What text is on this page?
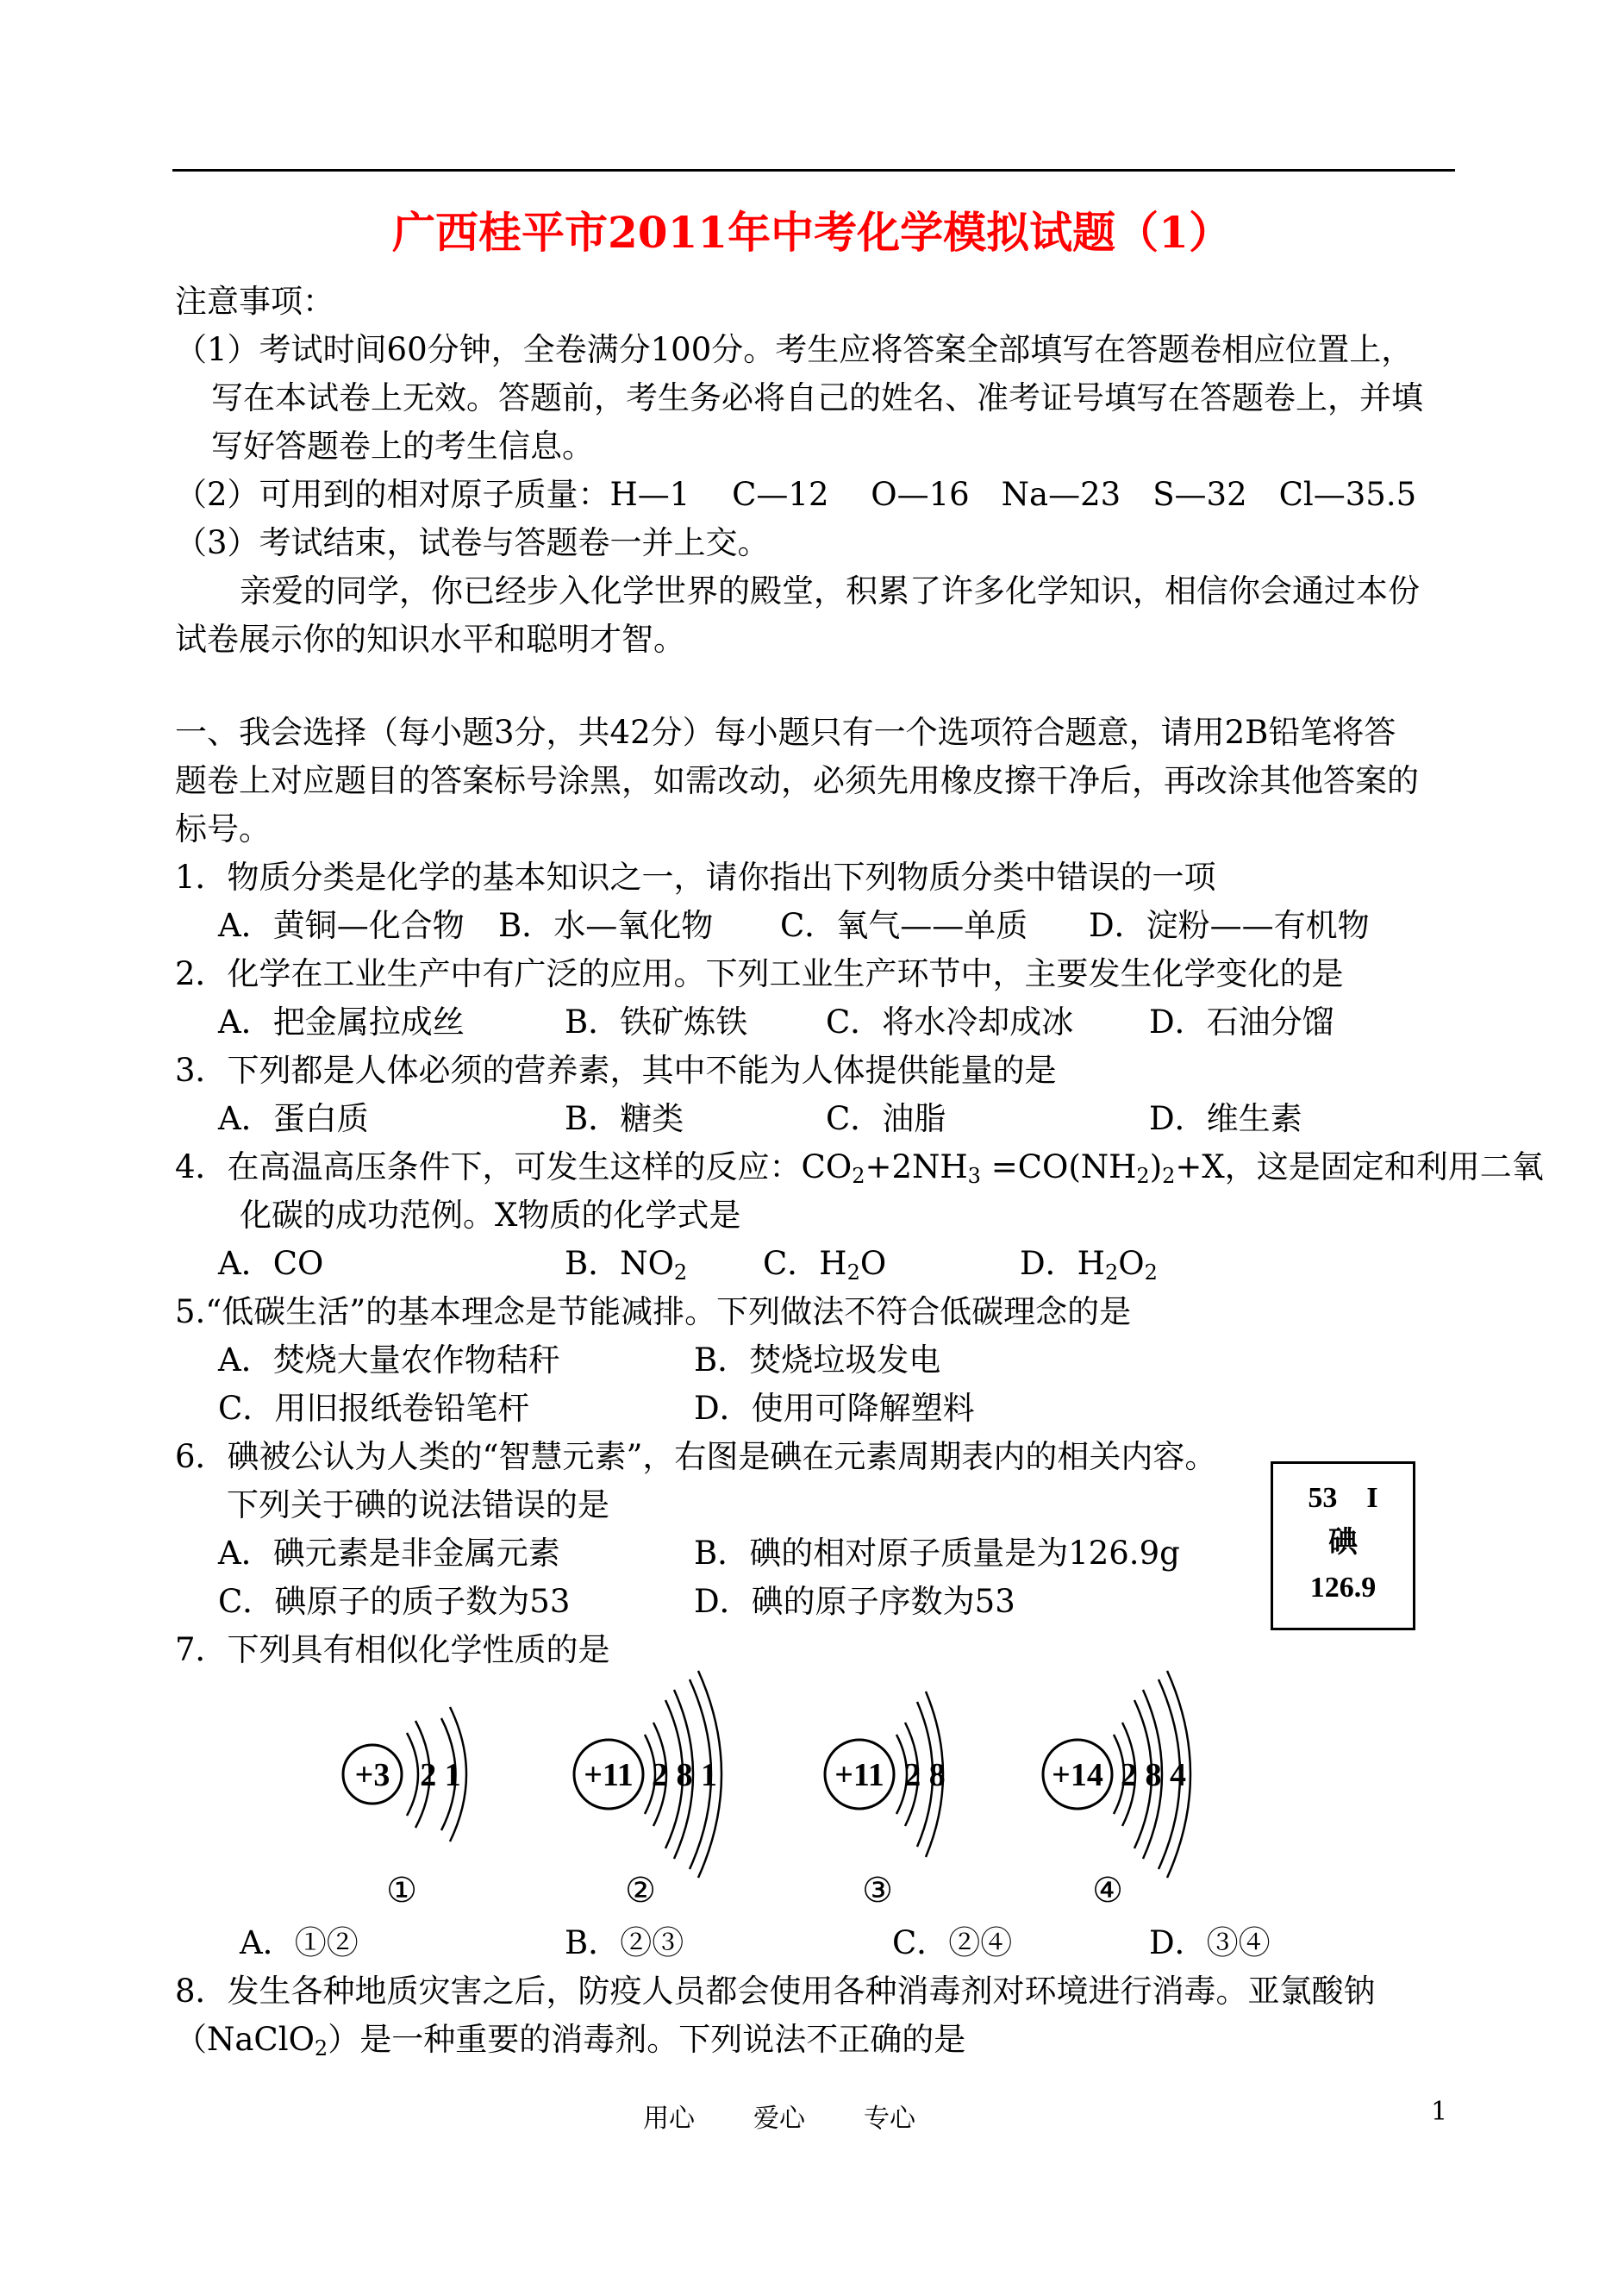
广西桂平市2011年中考化学模拟试题（1）
注意事项：
（1）考试时间60分钟，全卷满分100分。考生应将答案全部填写在答题卷相应位置上，
写在本试卷上无效。答题前，考生务必将自己的姓名、准考证号填写在答题卷上，并填
写好答题卷上的考生信息。
（2）可用到的相对原子质量：H—1　 C—12　 O—16　Na—23　S—32　Cl—35.5
（3）考试结束，试卷与答题卷一并上交。
亲爱的同学，你已经步入化学世界的殿堂，积累了许多化学知识，相信你会通过本份
试卷展示你的知识水平和聪明才智。
一、我会选择（每小题3分，共42分）每小题只有一个选项符合题意，请用2B铅笔将答
题卷上对应题目的答案标号涂黑，如需改动，必须先用橡皮擦干净后，再改涂其他答案的
标号。
1．物质分类是化学的基本知识之一，请你指出下列物质分类中错误的一项
A．黄铜—化合物 B．水—氧化物 C．氧气——单质 D．淀粉——有机物
2．化学在工业生产中有广泛的应用。下列工业生产环节中，主要发生化学变化的是
A．把金属拉成丝	B．铁矿炼铁 C．将水冷却成冰 D．石油分馏
3．下列都是人体必须的营养素，其中不能为人体提供能量的是
A．蛋白质	B．糖类	C．油脂	D．维生素
4．在高温高压条件下，可发生这样的反应：$CO_2+2NH_3 =CO(NH_2)_2+X$，这是固定和利用二氧
化碳的成功范例。X物质的化学式是
A．CO	B．$NO_2$ C．$H_2O$	D．$H_2O_2$
5.“低碳生活”的基本理念是节能减排。下列做法不符合低碳理念的是
A．焚烧大量农作物秸秆	B．焚烧垃圾发电
C．用旧报纸卷铅笔杆	D．使用可降解塑料
6．碘被公认为人类的“智慧元素”，右图是碘在元素周期表内的相关内容。
下列关于碘的说法错误的是
A．碘元素是非金属元素	B．碘的相对原子质量是为126.9g
C．碘原子的质子数为53	D．碘的原子序数为53
53 I
碘
126.9
7．下列具有相似化学性质的是
+3 2 1	+11 2 8 1	+11 2 8	+14 2 8 4
①	②	③	④
A．①②	B．②③	C．②④	D．③④
8．发生各种地质灾害之后，防疫人员都会使用各种消毒剂对环境进行消毒。亚氯酸钠
（NaClO$_2$）是一种重要的消毒剂。下列说法不正确的是
用心 爱心 专心	1
